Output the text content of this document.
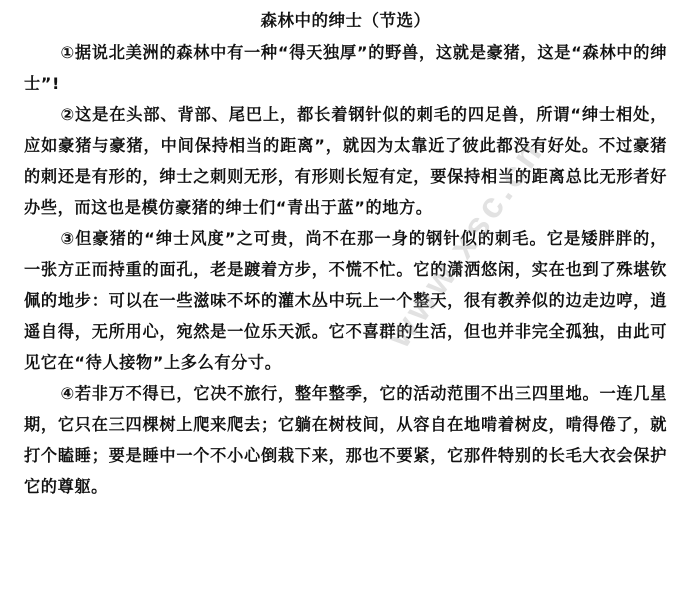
森林中的绅士（节选）

①据说北美洲的森林中有一种“得天独厚”的野兽，这就是豪猪，这是“森林中的绅士”!

②这是在头部、背部、尾巴上，都长着钢针似的刺毛的四足兽，所谓“绅士相处，应如豪猪与豪猪，中间保持相当的距离”，就因为太靠近了彼此都没有好处。不过豪猪的刺还是有形的，绅士之刺则无形，有形则长短有定，要保持相当的距离总比无形者好办些，而这也是模仿豪猪的绅士们“青出于蓝”的地方。

③但豪猪的“绅士风度”之可贵，尚不在那一身的钢针似的刺毛。它是矮胖胖的，一张方正而持重的面孔，老是踱着方步，不慌不忙。它的潇洒悠闲，实在也到了殊堪钦佩的地步：可以在一些滋味不坏的灌木丛中玩上一个整天，很有教养似的边走边哼，逍遥自得，无所用心，宛然是一位乐天派。它不喜群的生活，但也并非完全孤独，由此可见它在“待人接物”上多么有分寸。

④若非万不得已，它决不旅行，整年整季，它的活动范围不出三四里地。一连几星期，它只在三四棵树上爬来爬去；它躺在树枝间，从容自在地啃着树皮，啃得倦了，就打个瞌睡；要是睡中一个不小心倒栽下来，那也不要紧，它那件特别的长毛大衣会保护它的尊躯。

www.xsc.cn
